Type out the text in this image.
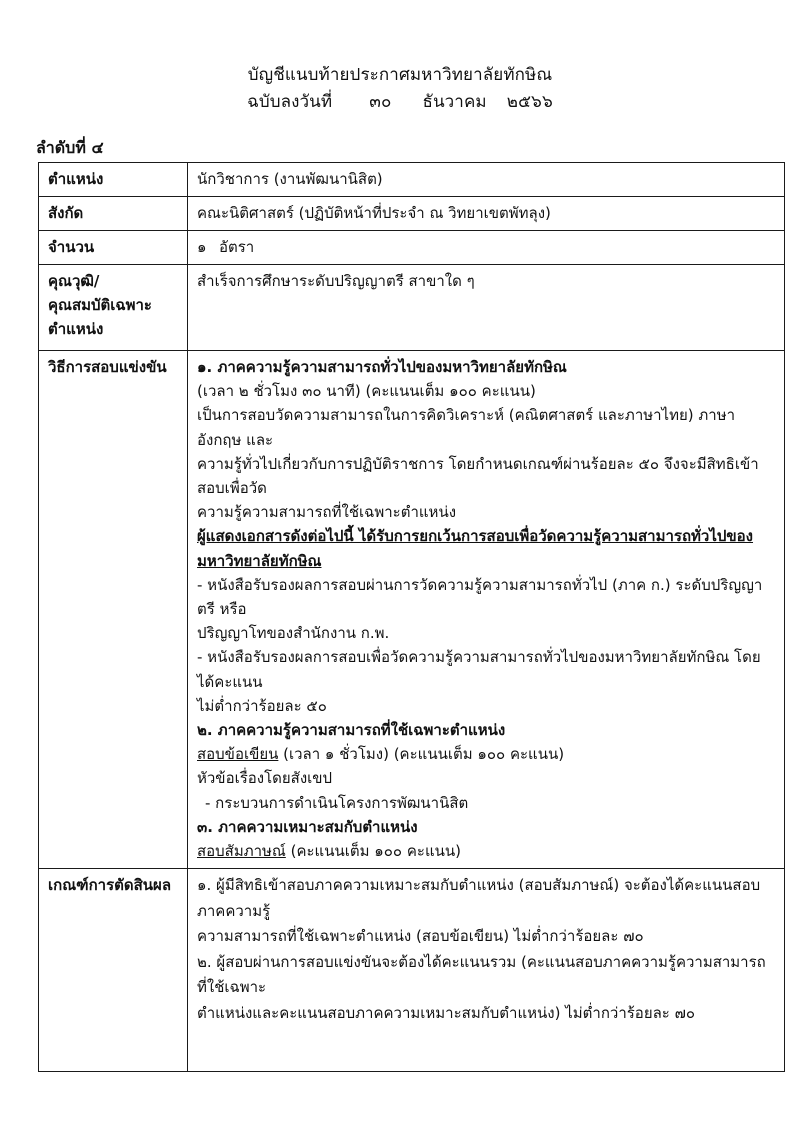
บัญชีแนบท้ายประกาศมหาวิทยาลัยทักษิณ
ฉบับลงวันที่ ๓๐ ธันวาคม ๒๕๖๖
ลำดับที่ ๔
ตำแหน่ง	นักวิชาการ (งานพัฒนานิสิต)
สังกัด	คณะนิติศาสตร์ (ปฏิบัติหน้าที่ประจำ ณ วิทยาเขตพัทลุง)
จำนวน	๑ อัตรา

คุณวุฒิ/
คุณสมบัติเฉพาะ
ตำแหน่ง	สำเร็จการศึกษาระดับปริญญาตรี สาขาใด ๆ

วิธีการสอบแข่งขัน	๑. ภาคความรู้ความสามารถทั่วไปของมหาวิทยาลัยทักษิณ

(เวลา ๒ ชั่วโมง ๓๐ นาที) (คะแนนเต็ม ๑๐๐ คะแนน)

เป็นการสอบวัดความสามารถในการคิดวิเคราะห์ (คณิตศาสตร์ และภาษาไทย) ภาษาอังกฤษ และ

ความรู้ทั่วไปเกี่ยวกับการปฏิบัติราชการ โดยกำหนดเกณฑ์ผ่านร้อยละ ๕๐ จึงจะมีสิทธิเข้าสอบเพื่อวัด

ความรู้ความสามารถที่ใช้เฉพาะตำแหน่ง

ผู้แสดงเอกสารดังต่อไปนี้ ได้รับการยกเว้นการสอบเพื่อวัดความรู้ความสามารถทั่วไปของ

มหาวิทยาลัยทักษิณ

- หนังสือรับรองผลการสอบผ่านการวัดความรู้ความสามารถทั่วไป (ภาค ก.) ระดับปริญญาตรี หรือ

ปริญญาโทของสำนักงาน ก.พ.

- หนังสือรับรองผลการสอบเพื่อวัดความรู้ความสามารถทั่วไปของมหาวิทยาลัยทักษิณ โดยได้คะแนน

ไม่ต่ำกว่าร้อยละ ๕๐

๒. ภาคความรู้ความสามารถที่ใช้เฉพาะตำแหน่ง

สอบข้อเขียน (เวลา ๑ ชั่วโมง) (คะแนนเต็ม ๑๐๐ คะแนน)

หัวข้อเรื่องโดยสังเขป

- กระบวนการดำเนินโครงการพัฒนานิสิต

๓. ภาคความเหมาะสมกับตำแหน่ง

สอบสัมภาษณ์ (คะแนนเต็ม ๑๐๐ คะแนน)

เกณฑ์การตัดสินผล	๑. ผู้มีสิทธิเข้าสอบภาคความเหมาะสมกับตำแหน่ง (สอบสัมภาษณ์) จะต้องได้คะแนนสอบภาคความรู้

ความสามารถที่ใช้เฉพาะตำแหน่ง (สอบข้อเขียน) ไม่ต่ำกว่าร้อยละ ๗๐

๒. ผู้สอบผ่านการสอบแข่งขันจะต้องได้คะแนนรวม (คะแนนสอบภาคความรู้ความสามารถที่ใช้เฉพาะ

ตำแหน่งและคะแนนสอบภาคความเหมาะสมกับตำแหน่ง) ไม่ต่ำกว่าร้อยละ ๗๐
